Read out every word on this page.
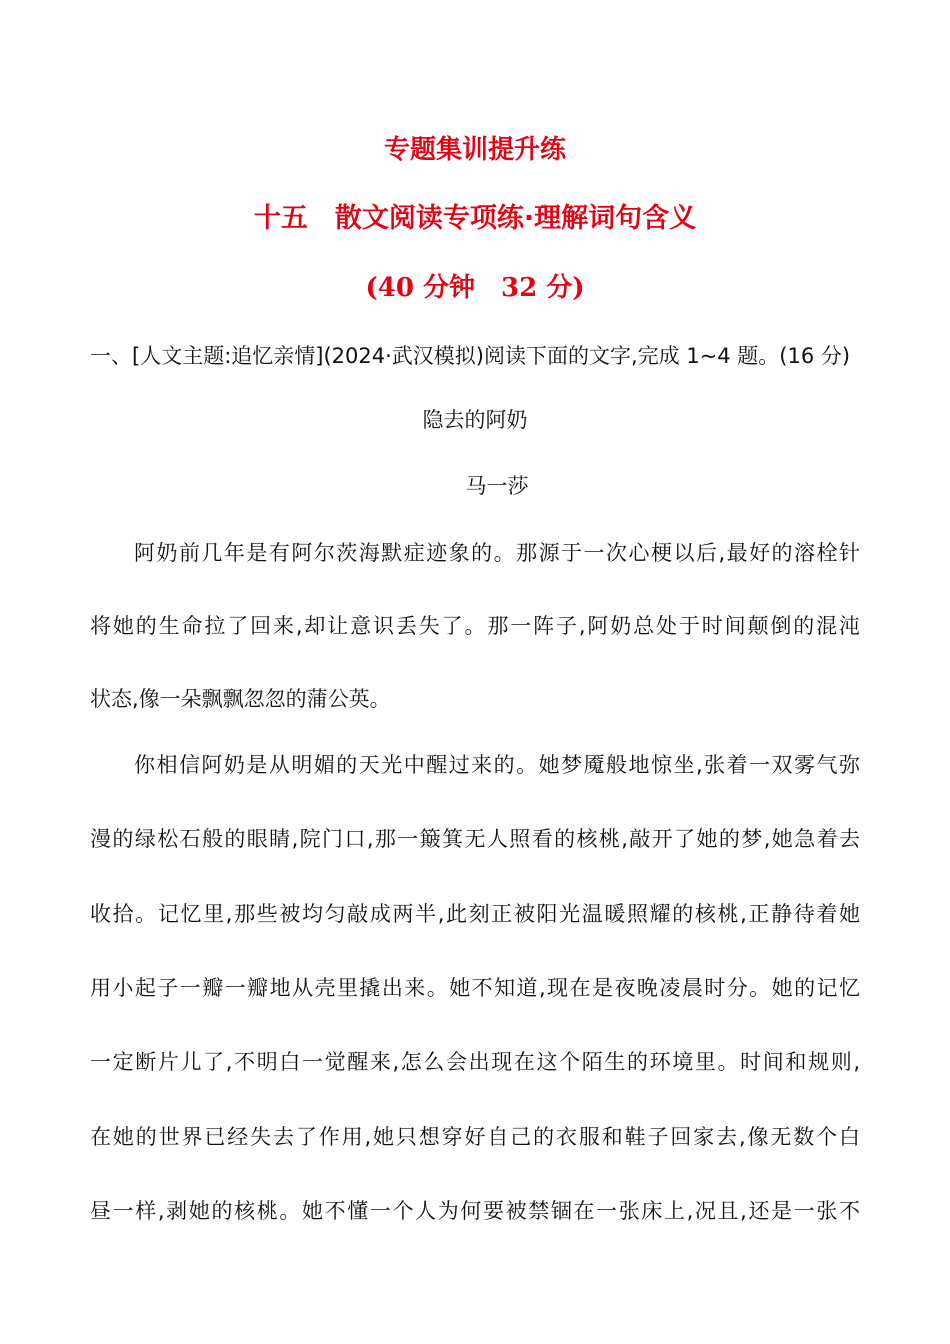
专题集训提升练
十五　散文阅读专项练·理解词句含义
(40 分钟　32 分)
一、[人文主题:追忆亲情](2024·武汉模拟)阅读下面的文字,完成 1~4 题。(16 分)
隐去的阿奶
马一莎
阿奶前几年是有阿尔茨海默症迹象的。那源于一次心梗以后,最好的溶栓针
将她的生命拉了回来,却让意识丢失了。那一阵子,阿奶总处于时间颠倒的混沌
状态,像一朵飘飘忽忽的蒲公英。
你相信阿奶是从明媚的天光中醒过来的。她梦魇般地惊坐,张着一双雾气弥
漫的绿松石般的眼睛,院门口,那一簸箕无人照看的核桃,敲开了她的梦,她急着去
收拾。记忆里,那些被均匀敲成两半,此刻正被阳光温暖照耀的核桃,正静待着她
用小起子一瓣一瓣地从壳里撬出来。她不知道,现在是夜晚凌晨时分。她的记忆
一定断片儿了,不明白一觉醒来,怎么会出现在这个陌生的环境里。时间和规则,
在她的世界已经失去了作用,她只想穿好自己的衣服和鞋子回家去,像无数个白
昼一样,剥她的核桃。她不懂一个人为何要被禁锢在一张床上,况且,还是一张不
